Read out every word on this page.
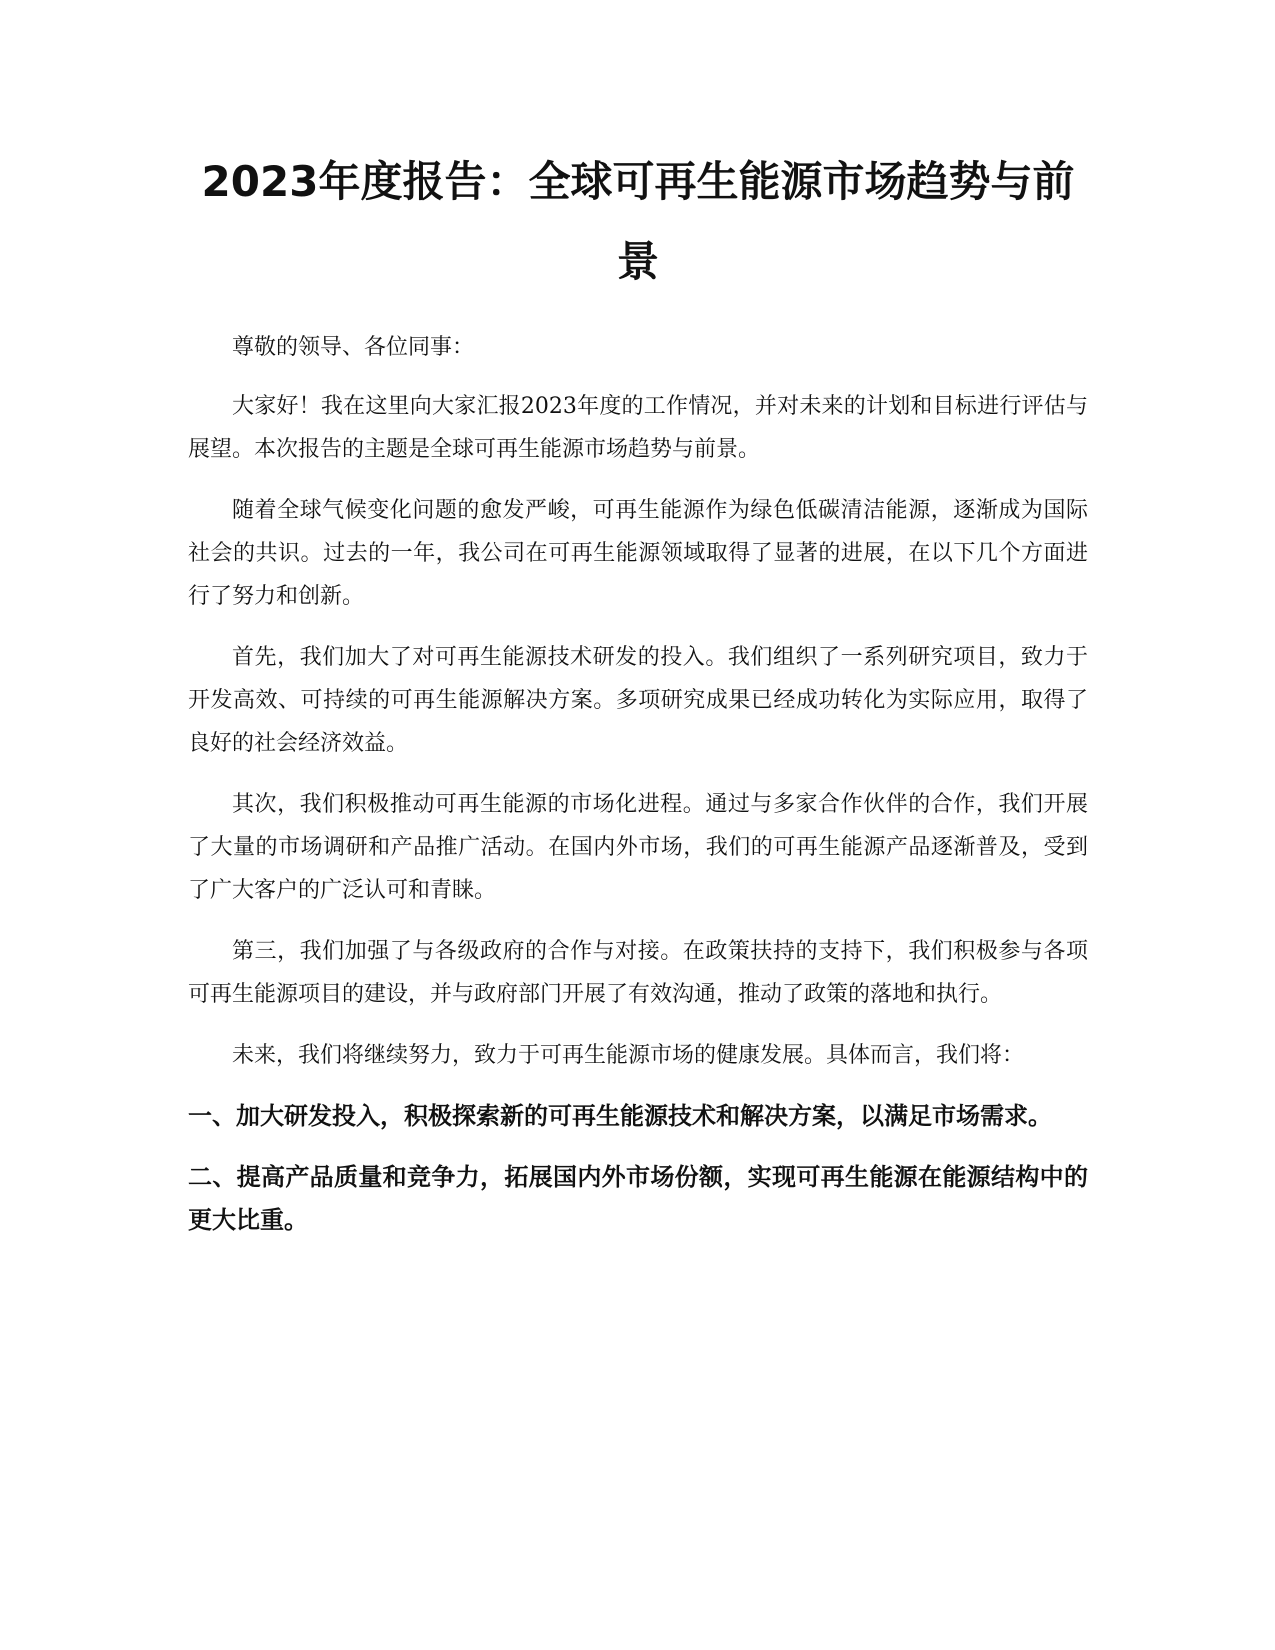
2023年度报告：全球可再生能源市场趋势与前景

尊敬的领导、各位同事：

大家好！我在这里向大家汇报2023年度的工作情况，并对未来的计划和目标进行评估与展望。本次报告的主题是全球可再生能源市场趋势与前景。

随着全球气候变化问题的愈发严峻，可再生能源作为绿色低碳清洁能源，逐渐成为国际社会的共识。过去的一年，我公司在可再生能源领域取得了显著的进展，在以下几个方面进行了努力和创新。

首先，我们加大了对可再生能源技术研发的投入。我们组织了一系列研究项目，致力于开发高效、可持续的可再生能源解决方案。多项研究成果已经成功转化为实际应用，取得了良好的社会经济效益。

其次，我们积极推动可再生能源的市场化进程。通过与多家合作伙伴的合作，我们开展了大量的市场调研和产品推广活动。在国内外市场，我们的可再生能源产品逐渐普及，受到了广大客户的广泛认可和青睐。

第三，我们加强了与各级政府的合作与对接。在政策扶持的支持下，我们积极参与各项可再生能源项目的建设，并与政府部门开展了有效沟通，推动了政策的落地和执行。

未来，我们将继续努力，致力于可再生能源市场的健康发展。具体而言，我们将：

一、加大研发投入，积极探索新的可再生能源技术和解决方案，以满足市场需求。

二、提高产品质量和竞争力，拓展国内外市场份额，实现可再生能源在能源结构中的更大比重。
